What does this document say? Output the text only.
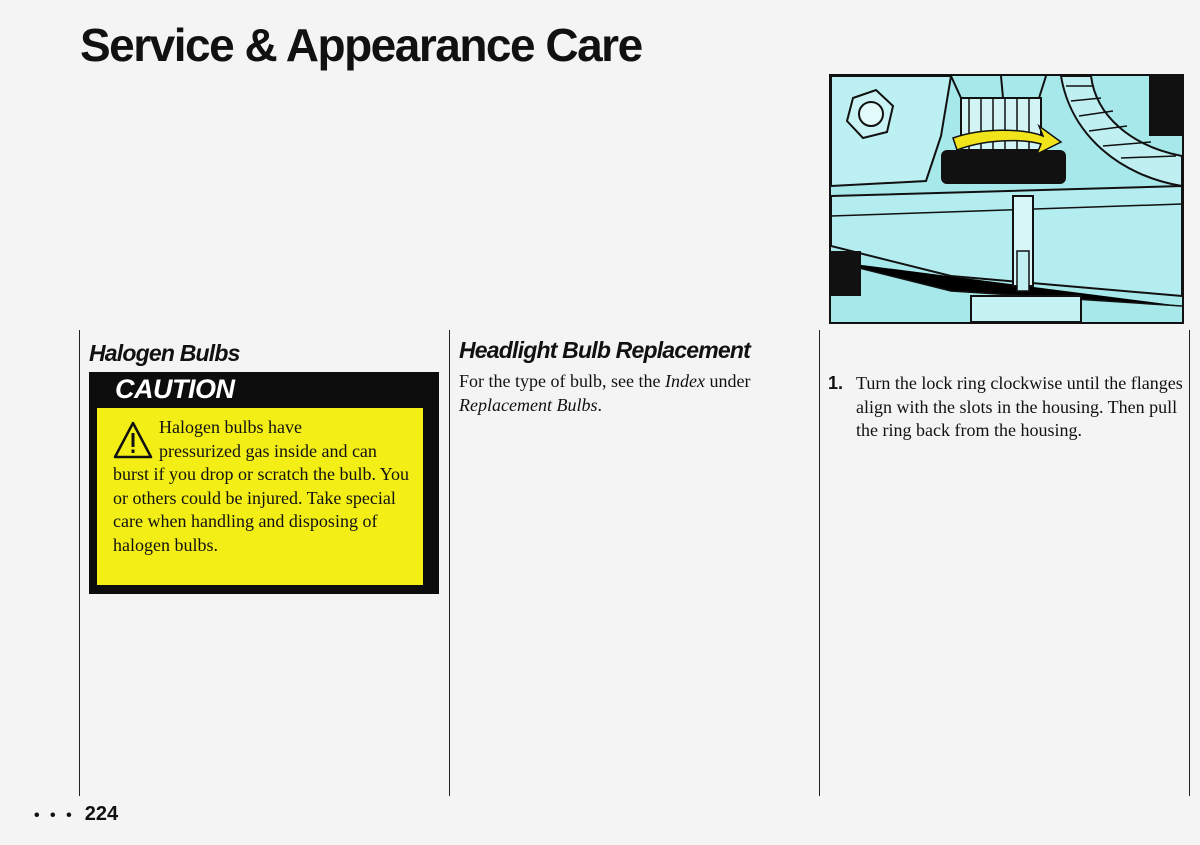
Service & Appearance Care
Halogen Bulbs
CAUTION
Halogen bulbs have
pressurized gas inside and can burst if you drop or scratch the bulb. You or others could be injured. Take special care when handling and disposing of halogen bulbs.
Headlight Bulb Replacement

For the type of bulb, see the Index under Replacement Bulbs.

1. Turn the lock ring clockwise until the flanges align with the slots in the housing. Then pull the ring back from the housing.
• • • 224
